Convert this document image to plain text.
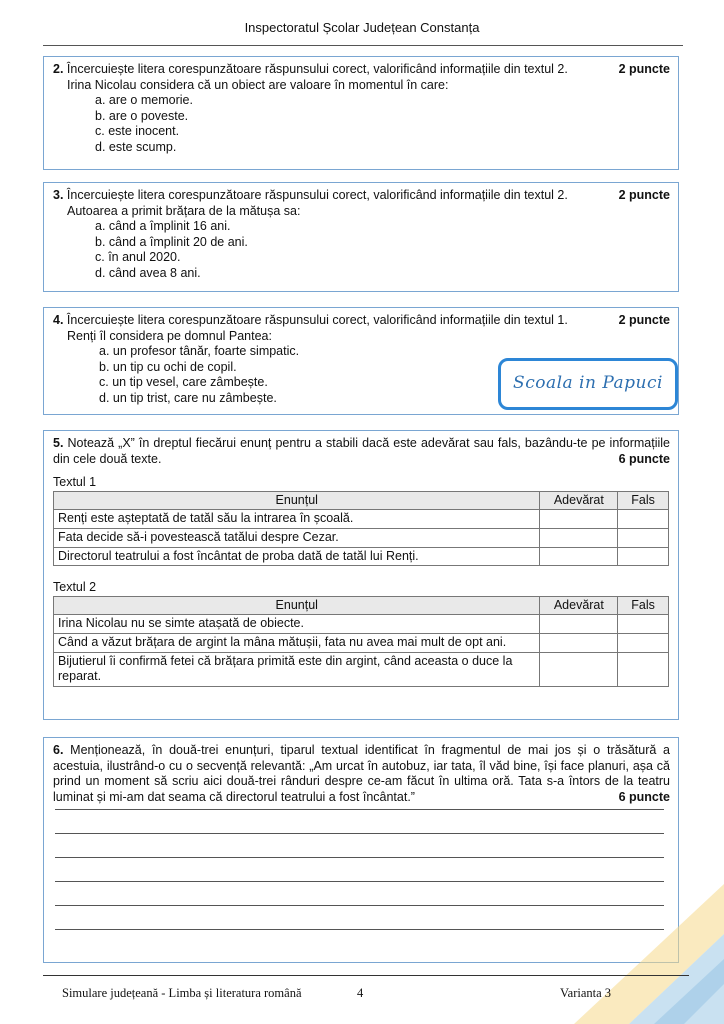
Inspectoratul Școlar Județean Constanța
2. Încercuiește litera corespunzătoare răspunsului corect, valorificând informațiile din textul 2.	2 puncte
Irina Nicolau considera că un obiect are valoare în momentul în care:
a. are o memorie.
b. are o poveste.
c. este inocent.
d. este scump.
3. Încercuiește litera corespunzătoare răspunsului corect, valorificând informațiile din textul 2.	2 puncte
Autoarea a primit brățara de la mătușa sa:
a. când a împlinit 16 ani.
b. când a împlinit 20 de ani.
c. în anul 2020.
d. când avea 8 ani.
4. Încercuiește litera corespunzătoare răspunsului corect, valorificând informațiile din textul 1.	2 puncte
Renți îl considera pe domnul Pantea:
a. un profesor tânăr, foarte simpatic.
b. un tip cu ochi de copil.
c. un tip vesel, care zâmbește.
d. un tip trist, care nu zâmbește.
Scoala in Papuci
5. Notează „X” în dreptul fiecărui enunț pentru a stabili dacă este adevărat sau fals, bazându-te pe informațiile din cele două texte.	6 puncte
Textul 1
Enunțul	Adevărat	Fals
Renți este așteptată de tatăl său la intrarea în școală.		
Fata decide să-i povestească tatălui despre Cezar.		
Directorul teatrului a fost încântat de proba dată de tatăl lui Renți.		
Textul 2
Enunțul	Adevărat	Fals
Irina Nicolau nu se simte atașată de obiecte.		
Când a văzut brățara de argint la mâna mătușii, fata nu avea mai mult de opt ani.		
Bijutierul îi confirmă fetei că brățara primită este din argint, când aceasta o duce la reparat.		
6. Menționează, în două-trei enunțuri, tiparul textual identificat în fragmentul de mai jos și o trăsătură a acestuia, ilustrând-o cu o secvență relevantă: „Am urcat în autobuz, iar tata, îl văd bine, își face planuri, așa că prind un moment să scriu aici două-trei rânduri despre ce-am făcut în ultima oră. Tata s-a întors de la teatru luminat și mi-am dat seama că directorul teatrului a fost încântat.”	6 puncte
Simulare județeană - Limba și literatura română	4	Varianta 3
